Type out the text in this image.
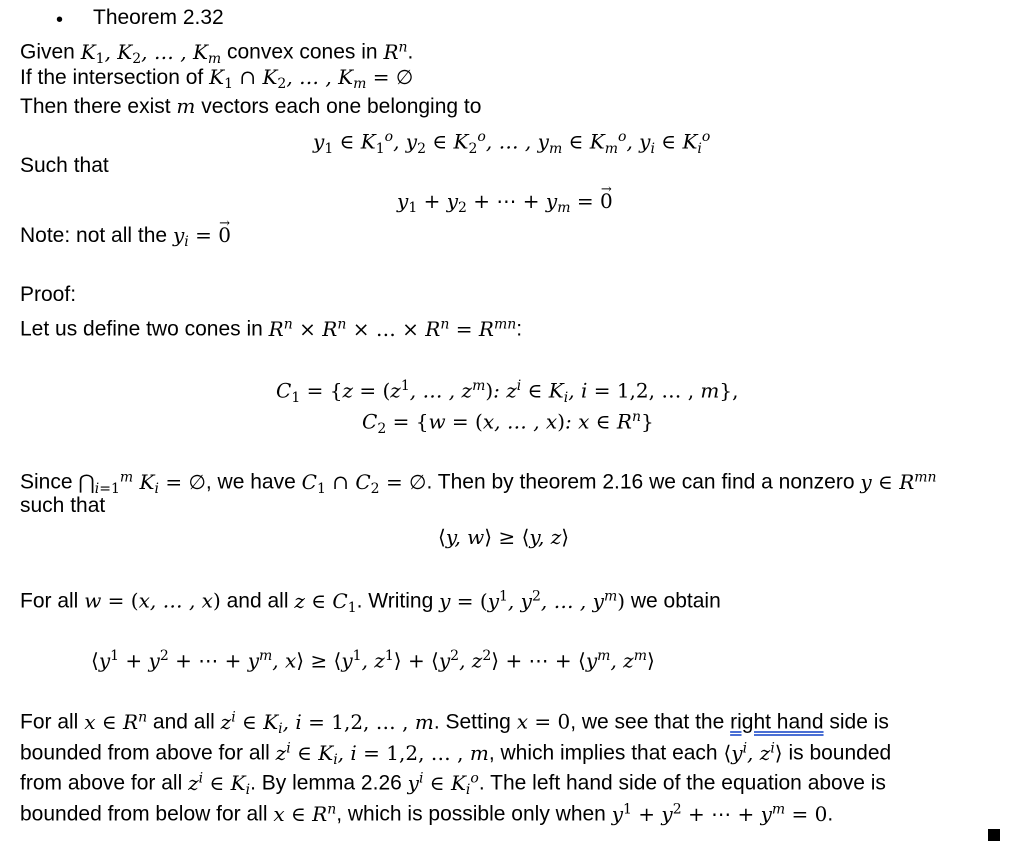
• Theorem 2.32
Given $K_1$, $K_2$, … , $K_m$ convex cones in $R^n$.
If the intersection of $K_1$ ∩ $K_2$, … , $K_m$ = ∅
Then there exist m vectors each one belonging to
$y_1$ ∈ $K_1^o$, $y_2$ ∈ $K_2^o$, … , $y_m$ ∈ $K_m^o$, $y_i$ ∈ $K_i^o$
Such that
$y_1 + y_2$ + ⋯ + $y_m$ = → 0
Note: not all the $y_i$ = → 0
Proof:
Let us define two cones in $R^n \times R^n$ × … × $R^n = R^{mn}$:
$C_1 = \{z = (z^1$, … , $z^m$): $z^i$ ∈ $K_i$, i = 1,2, … , m},
$C_2 = \{w = (x$, … , x): x ∈ $R^n$}
Since $⋂_{i=1}^m$ $K_i$ = ∅, we have $C_1$ ∩ $C_2$ = ∅. Then by theorem 2.16 we can find a nonzero y ∈ $R^{mn}$
such that
⟨y, w⟩ ≥ ⟨y, z⟩
For all w = (x, … , x) and all z ∈ $C_1$. Writing $y = (y^1$, $y^2$, … , $y^m$) we obtain
$⟨y^1 + y^2$ + ⋯ + $y^m$, x⟩ ≥ $⟨y^1$, $z^1⟩$ + $⟨y^2$, $z^2⟩$ + ⋯ + $⟨y^m$, $z^m⟩$
For all x ∈ $R^n$ and all $z^i$ ∈ $K_i$, i = 1,2, … , m. Setting x = 0, we see that the right hand side is
bounded from above for all $z^i$ ∈ $K_i$, i = 1,2, … , m, which implies that each $⟨y^i$, $z^i⟩$ is bounded
from above for all $z^i$ ∈ $K_i$. By lemma 2.26 $y^i$ ∈ $K_i^o$. The left hand side of the equation above is
bounded from below for all x ∈ $R^n$, which is possible only when $y^1 + y^2$ + ⋯ + $y^m = 0$.
